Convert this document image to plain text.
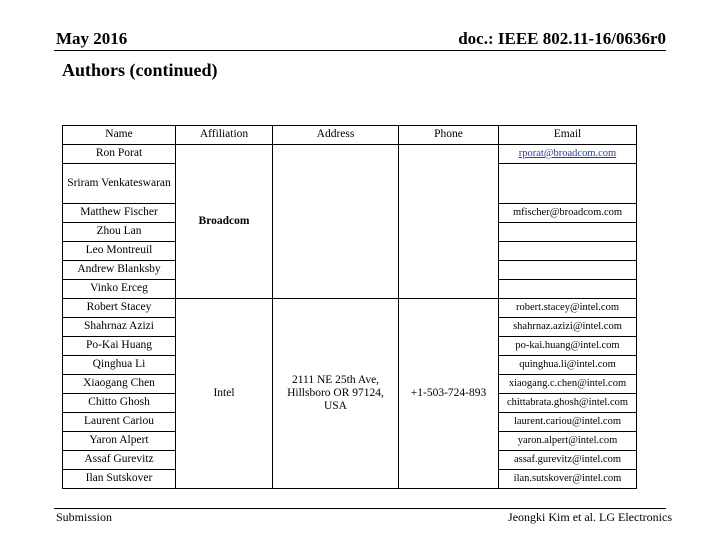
May 2016	doc.: IEEE 802.11-16/0636r0
Authors (continued)
Name	Affiliation	Address	Phone	Email
Ron Porat	Broadcom			rporat@broadcom.com
Sriram Venkateswaran				
Matthew Fischer				mfischer@broadcom.com
Zhou Lan				
Leo Montreuil				
Andrew Blanksby				
Vinko Erceg				
Robert Stacey	Intel	2111 NE 25th Ave, Hillsboro OR 97124, USA	+1-503-724-893	robert.stacey@intel.com
Shahrnaz Azizi				shahrnaz.azizi@intel.com
Po-Kai Huang				po-kai.huang@intel.com
Qinghua Li				quinghua.li@intel.com
Xiaogang Chen				xiaogang.c.chen@intel.com
Chitto Ghosh				chittabrata.ghosh@intel.com
Laurent Cariou				laurent.cariou@intel.com
Yaron Alpert				yaron.alpert@intel.com
Assaf Gurevitz				assaf.gurevitz@intel.com
Ilan Sutskover				ilan.sutskover@intel.com
Submission	Jeongki Kim et al. LG Electronics
